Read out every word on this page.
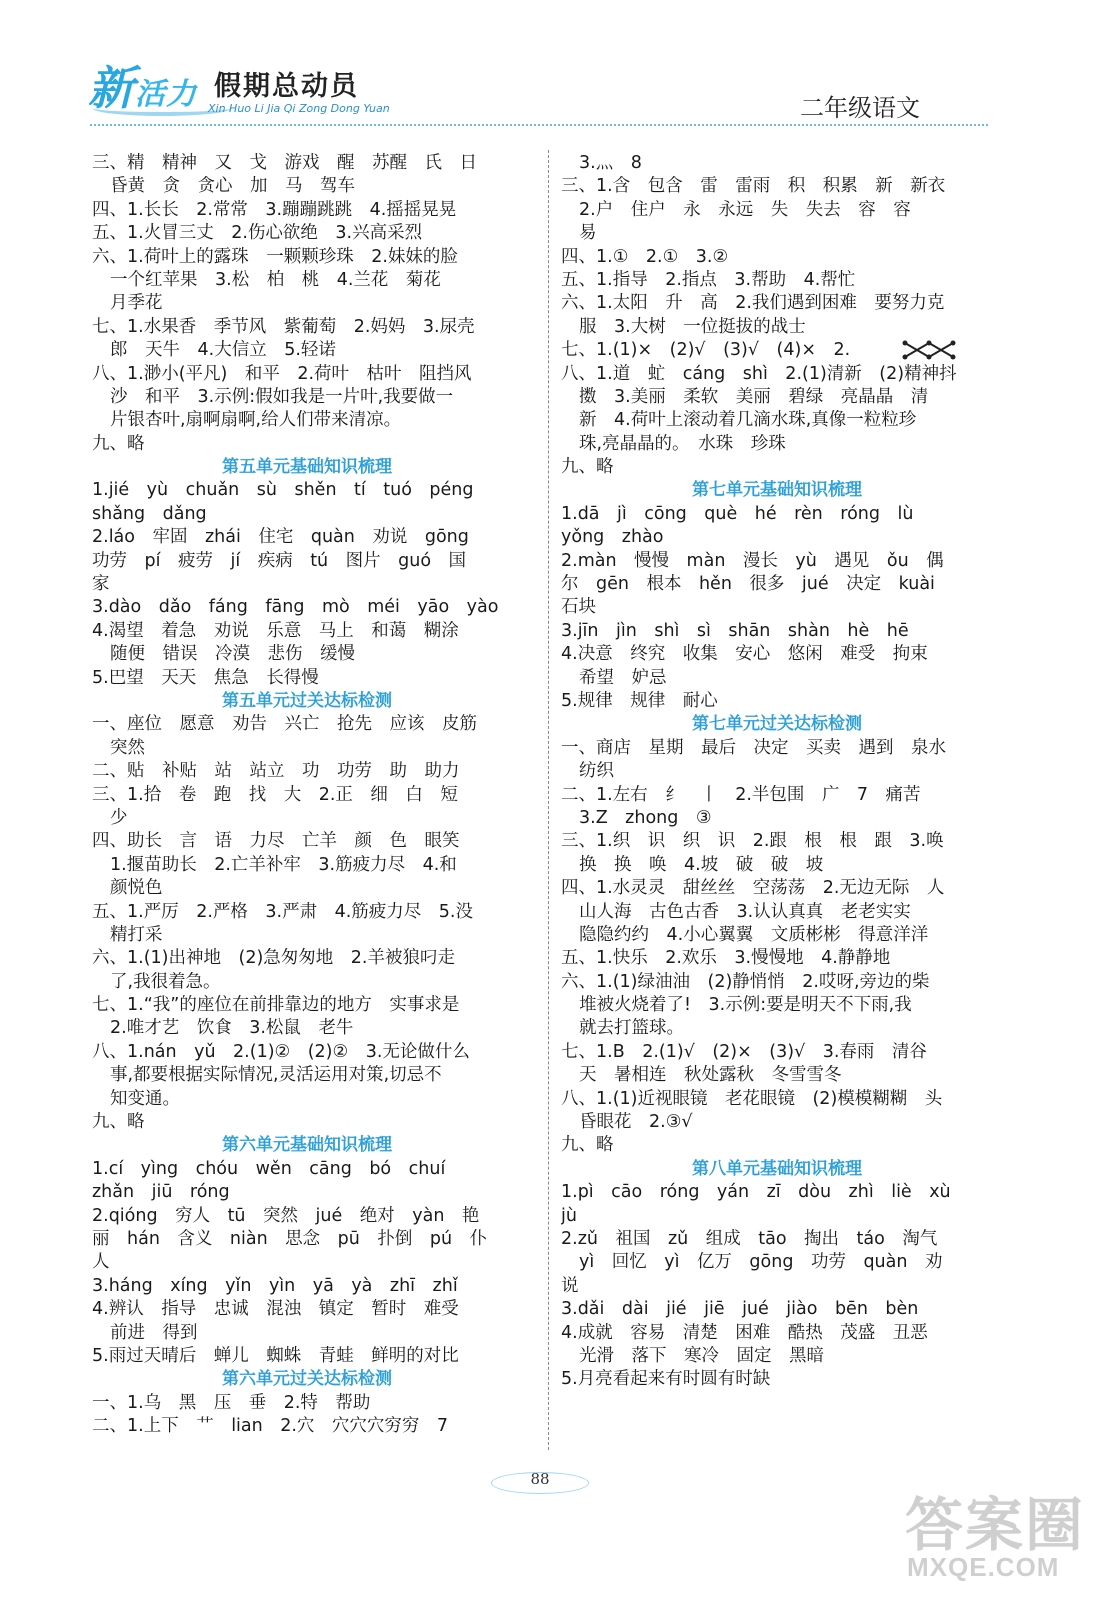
新活力 假期总动员
Xin Huo Li Jia Qi Zong Dong Yuan	二年级语文
三、精　精神　又　戈　游戏　醒　苏醒　氏　日
昏黄　贪　贪心　加　马　驾车
四、1.长长　2.常常　3.蹦蹦跳跳　4.摇摇晃晃
五、1.火冒三丈　2.伤心欲绝　3.兴高采烈
六、1.荷叶上的露珠　一颗颗珍珠　2.妹妹的脸
一个红苹果　3.松　柏　桃　4.兰花　菊花
月季花
七、1.水果香　季节风　紫葡萄　2.妈妈　3.尿壳
郎　天牛　4.大信立　5.轻诺
八、1.渺小(平凡)　和平　2.荷叶　枯叶　阻挡风
沙　和平　3.示例:假如我是一片叶,我要做一
片银杏叶,扇啊扇啊,给人们带来清凉。
九、略
第五单元基础知识梳理
1.jié　yù　chuǎn　sù　shěn　tí　tuó　péng
shǎng　dǎng
2.láo　牢固　zhái　住宅　quàn　劝说　gōng
功劳　pí　疲劳　jí　疾病　tú　图片　guó　国
家
3.dào　dǎo　fáng　fāng　mò　méi　yāo　yào
4.渴望　着急　劝说　乐意　马上　和蔼　糊涂
随便　错误　冷漠　悲伤　缓慢
5.巴望　天天　焦急　长得慢
第五单元过关达标检测
一、座位　愿意　劝告　兴亡　抢先　应该　皮筋
突然
二、贴　补贴　站　站立　功　功劳　助　助力
三、1.拾　卷　跑　找　大　2.正　细　白　短
少
四、助长　言　语　力尽　亡羊　颜　色　眼笑
1.揠苗助长　2.亡羊补牢　3.筋疲力尽　4.和
颜悦色
五、1.严厉　2.严格　3.严肃　4.筋疲力尽　5.没
精打采
六、1.(1)出神地　(2)急匆匆地　2.羊被狼叼走
了,我很着急。
七、1.“我”的座位在前排靠边的地方　实事求是
2.唯才艺　饮食　3.松鼠　老牛
八、1.nán　yǔ　2.(1)②　(2)②　3.无论做什么
事,都要根据实际情况,灵活运用对策,切忌不
知变通。
九、略
第六单元基础知识梳理
1.cí　yìng　chóu　wěn　cāng　bó　chuí
zhǎn　jiū　róng
2.qióng　穷人　tū　突然　jué　绝对　yàn　艳
丽　hán　含义　niàn　思念　pū　扑倒　pú　仆
人
3.háng　xíng　yǐn　yìn　yā　yà　zhī　zhǐ
4.辨认　指导　忠诚　混浊　镇定　暂时　难受
前进　得到
5.雨过天晴后　蝉儿　蜘蛛　青蛙　鲜明的对比
第六单元过关达标检测
一、1.乌　黑　压　垂　2.特　帮助
二、1.上下　艹　lian　2.穴　穴穴穴穷穷　7
3.灬　8
三、1.含　包含　雷　雷雨　积　积累　新　新衣
2.户　住户　永　永远　失　失去　容　容
易
四、1.①　2.①　3.②
五、1.指导　2.指点　3.帮助　4.帮忙
六、1.太阳　升　高　2.我们遇到困难　要努力克
服　3.大树　一位挺拔的战士
七、1.(1)×　(2)√　(3)√　(4)×　2.
八、1.道　虻　cáng　shì　2.(1)清新　(2)精神抖
擞　3.美丽　柔软　美丽　碧绿　亮晶晶　清
新　4.荷叶上滚动着几滴水珠,真像一粒粒珍
珠,亮晶晶的。　水珠　珍珠
九、略
第七单元基础知识梳理
1.dā　jì　cōng　què　hé　rèn　róng　lù
yǒng　zhào
2.màn　慢慢　màn　漫长　yù　遇见　ǒu　偶
尔　gēn　根本　hěn　很多　jué　决定　kuài
石块
3.jīn　jìn　shì　sì　shān　shàn　hè　hē
4.决意　终究　收集　安心　悠闲　难受　拘束
希望　妒忌
5.规律　规律　耐心
第七单元过关达标检测
一、商店　星期　最后　决定　买卖　遇到　泉水
纺织
二、1.左右　纟　丨　2.半包围　广　7　痛苦
3.Z　zhong　③
三、1.织　识　织　识　2.跟　根　根　跟　3.唤
换　换　唤　4.坡　破　破　坡
四、1.水灵灵　甜丝丝　空荡荡　2.无边无际　人
山人海　古色古香　3.认认真真　老老实实
隐隐约约　4.小心翼翼　文质彬彬　得意洋洋
五、1.快乐　2.欢乐　3.慢慢地　4.静静地
六、1.(1)绿油油　(2)静悄悄　2.哎呀,旁边的柴
堆被火烧着了!　3.示例:要是明天不下雨,我
就去打篮球。
七、1.B　2.(1)√　(2)×　(3)√　3.春雨　清谷
天　暑相连　秋处露秋　冬雪雪冬
八、1.(1)近视眼镜　老花眼镜　(2)模模糊糊　头
昏眼花　2.③√
九、略
第八单元基础知识梳理
1.pì　cāo　róng　yán　zī　dòu　zhì　liè　xù
jù
2.zǔ　祖国　zǔ　组成　tāo　掏出　táo　淘气
yì　回忆　yì　亿万　gōng　功劳　quàn　劝
说
3.dǎi　dài　jié　jiē　jué　jiào　bēn　bèn
4.成就　容易　清楚　困难　酷热　茂盛　丑恶
光滑　落下　寒冷　固定　黑暗
5.月亮看起来有时圆有时缺
88
答案圈
MXQE.COM
